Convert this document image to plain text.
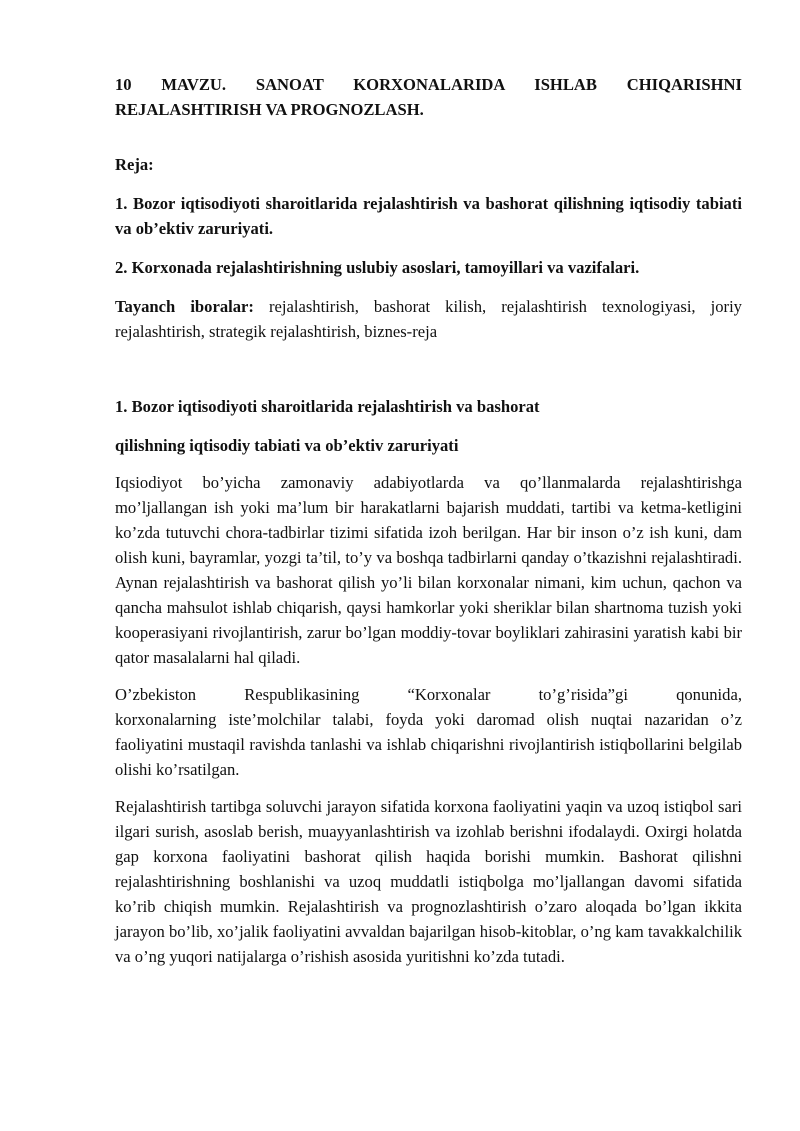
10 MAVZU. SANOAT KORXONALARIDA ISHLAB CHIQARISHNI REJALASHTIRISH VA PROGNOZLASH.

Reja:

1. Bozor iqtisodiyoti sharoitlarida rejalashtirish va bashorat qilishning iqtisodiy tabiati va ob’ektiv zaruriyati.

2. Korxonada rejalashtirishning uslubiy asoslari, tamoyillari va vazifalari.

Tayanch iboralar: rejalashtirish, bashorat kilish, rejalashtirish texnologiyasi, joriy rejalashtirish, strategik rejalashtirish, biznes-reja

1. Bozor iqtisodiyoti sharoitlarida rejalashtirish va bashorat

qilishning iqtisodiy tabiati va ob’ektiv zaruriyati

Iqsiodiyot bo’yicha zamonaviy adabiyotlarda va qo’llanmalarda rejalashtirishga mo’ljallangan ish yoki ma’lum bir harakatlarni bajarish muddati, tartibi va ketma-ketligini ko’zda tutuvchi chora-tadbirlar tizimi sifatida izoh berilgan. Har bir inson o’z ish kuni, dam olish kuni, bayramlar, yozgi ta’til, to’y va boshqa tadbirlarni qanday o’tkazishni rejalashtiradi. Aynan rejalashtirish va bashorat qilish yo’li bilan korxonalar nimani, kim uchun, qachon va qancha mahsulot ishlab chiqarish, qaysi hamkorlar yoki sheriklar bilan shartnoma tuzish yoki kooperasiyani rivojlantirish, zarur bo’lgan moddiy-tovar boyliklari zahirasini yaratish kabi bir qator masalalarni hal qiladi.

O’zbekiston	Respublikasining	“Korxonalar	to’g’risida”gi	qonunida,

korxonalarning iste’molchilar talabi, foyda yoki daromad olish nuqtai nazaridan o’z faoliyatini mustaqil ravishda tanlashi va ishlab chiqarishni rivojlantirish istiqbollarini belgilab olishi ko’rsatilgan.

Rejalashtirish tartibga soluvchi jarayon sifatida korxona faoliyatini yaqin va uzoq istiqbol sari ilgari surish, asoslab berish, muayyanlashtirish va izohlab berishni ifodalaydi. Oxirgi holatda gap korxona faoliyatini bashorat qilish haqida borishi mumkin. Bashorat qilishni rejalashtirishning boshlanishi va uzoq muddatli istiqbolga mo’ljallangan davomi sifatida ko’rib chiqish mumkin. Rejalashtirish va prognozlashtirish o’zaro aloqada bo’lgan ikkita jarayon bo’lib, xo’jalik faoliyatini avvaldan bajarilgan hisob-kitoblar, o’ng kam tavakkalchilik va o’ng yuqori natijalarga o’rishish asosida yuritishni ko’zda tutadi.
